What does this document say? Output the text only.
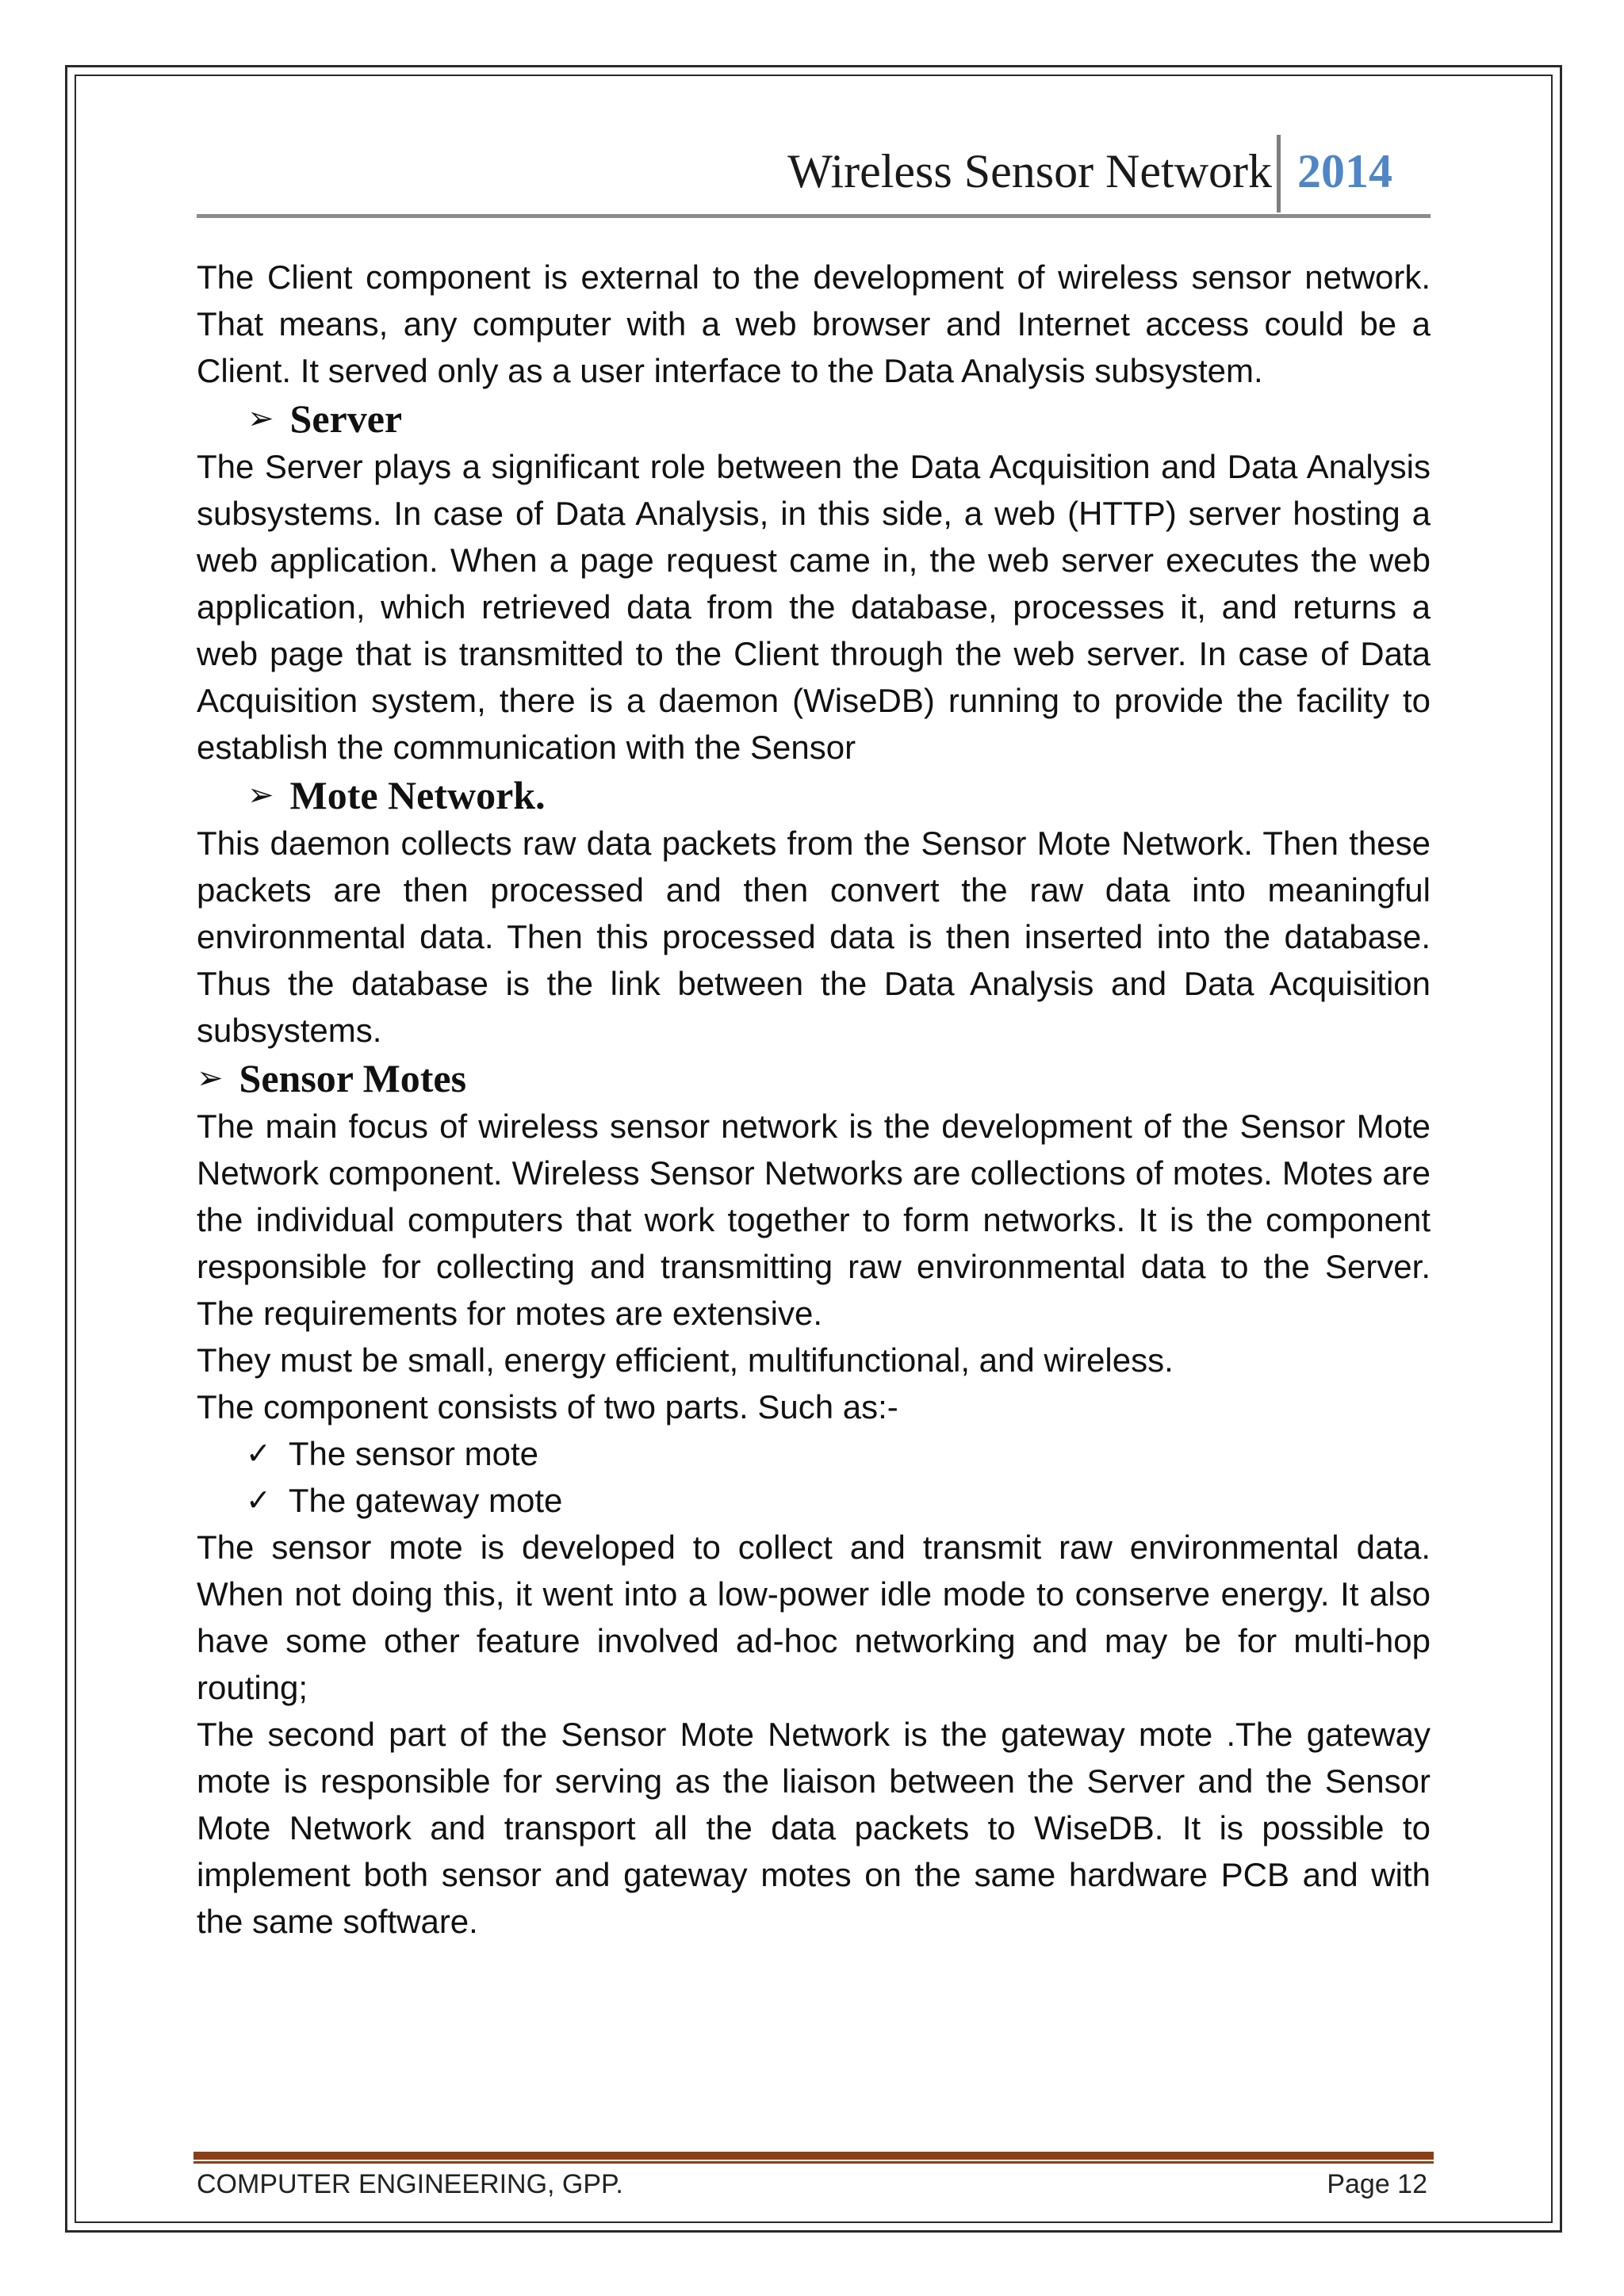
Wireless Sensor Network 2014

The Client component is external to the development of wireless sensor network. That means, any computer with a web browser and Internet access could be a Client. It served only as a user interface to the Data Analysis subsystem.

➢ Server

The Server plays a significant role between the Data Acquisition and Data Analysis subsystems. In case of Data Analysis, in this side, a web (HTTP) server hosting a web application. When a page request came in, the web server executes the web application, which retrieved data from the database, processes it, and returns a web page that is transmitted to the Client through the web server. In case of Data Acquisition system, there is a daemon (WiseDB) running to provide the facility to establish the communication with the Sensor

➢ Mote Network.

This daemon collects raw data packets from the Sensor Mote Network. Then these packets are then processed and then convert the raw data into meaningful environmental data. Then this processed data is then inserted into the database. Thus the database is the link between the Data Analysis and Data Acquisition subsystems.

➢ Sensor Motes

The main focus of wireless sensor network is the development of the Sensor Mote Network component. Wireless Sensor Networks are collections of motes. Motes are the individual computers that work together to form networks. It is the component responsible for collecting and transmitting raw environmental data to the Server. The requirements for motes are extensive.

They must be small, energy efficient, multifunctional, and wireless.

The component consists of two parts. Such as:-

✓ The sensor mote
✓ The gateway mote

The sensor mote is developed to collect and transmit raw environmental data. When not doing this, it went into a low-power idle mode to conserve energy. It also have some other feature involved ad-hoc networking and may be for multi-hop routing;

The second part of the Sensor Mote Network is the gateway mote .The gateway mote is responsible for serving as the liaison between the Server and the Sensor Mote Network and transport all the data packets to WiseDB. It is possible to implement both sensor and gateway motes on the same hardware PCB and with the same software.

COMPUTER ENGINEERING, GPP.	Page 12
